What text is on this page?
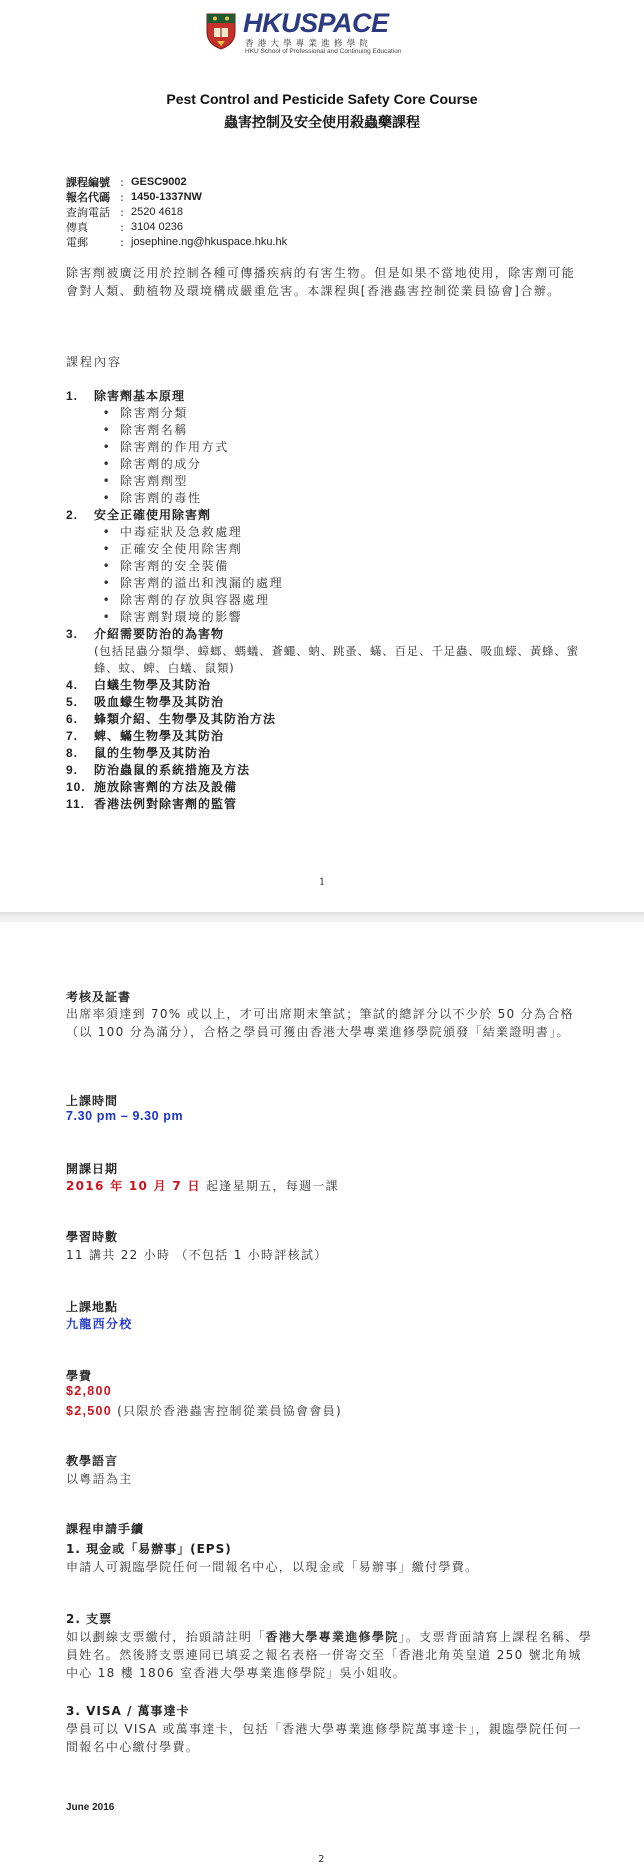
HKUSPACE
香港大學專業進修學院
HKU School of Professional and Continuing Education
Pest Control and Pesticide Safety Core Course
蟲害控制及安全使用殺蟲藥課程
課程編號 : GESC9002
報名代碼 : 1450-1337NW
查詢電話 : 2520 4618
傳真	: 3104 0236
電郵	: josephine.ng@hkuspace.hku.hk
除害劑被廣泛用於控制各種可傳播疾病的有害生物。但是如果不當地使用，除害劑可能會對人類、動植物及環境構成嚴重危害。本課程與[香港蟲害控制從業員協會]合辦。
課程內容
1.	除害劑基本原理
• 除害劑分類
• 除害劑名稱
• 除害劑的作用方式
• 除害劑的成分
• 除害劑劑型
• 除害劑的毒性
2.	安全正確使用除害劑
• 中毒症狀及急救處理
• 正確安全使用除害劑
• 除害劑的安全裝備
• 除害劑的溢出和洩漏的處理
• 除害劑的存放與容器處理
• 除害劑對環境的影響
3.	介紹需要防治的為害物
(包括昆蟲分類學、蟑螂、螞蟻、蒼蠅、蚋、跳蚤、蟎、百足、千足蟲、吸血蠓、黃蜂、蜜蜂、蚊、蜱、白蟻、鼠類)
4.	白蟻生物學及其防治
5.	吸血蠓生物學及其防治
6.	蜂類介紹、生物學及其防治方法
7.	蜱、蟎生物學及其防治
8.	鼠的生物學及其防治
9.	防治蟲鼠的系統措施及方法
10. 施放除害劑的方法及設備
11. 香港法例對除害劑的監管
1
考核及証書
出席率須達到 70% 或以上，才可出席期末筆試；筆試的總評分以不少於 50 分為合格（以 100 分為滿分），合格之學員可獲由香港大學專業進修學院頒發「結業證明書」。
上課時間
7.30 pm – 9.30 pm
開課日期
2016 年 10 月 7 日 起逢星期五，每週一課
學習時數
11 講共 22 小時 （不包括 1 小時評核試）
上課地點
九龍西分校
學費
$2,800
$2,500 (只限於香港蟲害控制從業員協會會員)
教學語言
以粵語為主
課程申請手續
1. 現金或「易辦事」(EPS)
申請人可親臨學院任何一間報名中心，以現金或「易辦事」繳付學費。
2. 支票
如以劃線支票繳付，抬頭請註明「香港大學專業進修學院」。支票背面請寫上課程名稱、學員姓名。然後將支票連同已填妥之報名表格一併寄交至「香港北角英皇道 250 號北角城中心 18 樓 1806 室香港大學專業進修學院」吳小姐收。
3. VISA / 萬事達卡
學員可以 VISA 或萬事達卡，包括「香港大學專業進修學院萬事達卡」，親臨學院任何一間報名中心繳付學費。
June 2016
2
